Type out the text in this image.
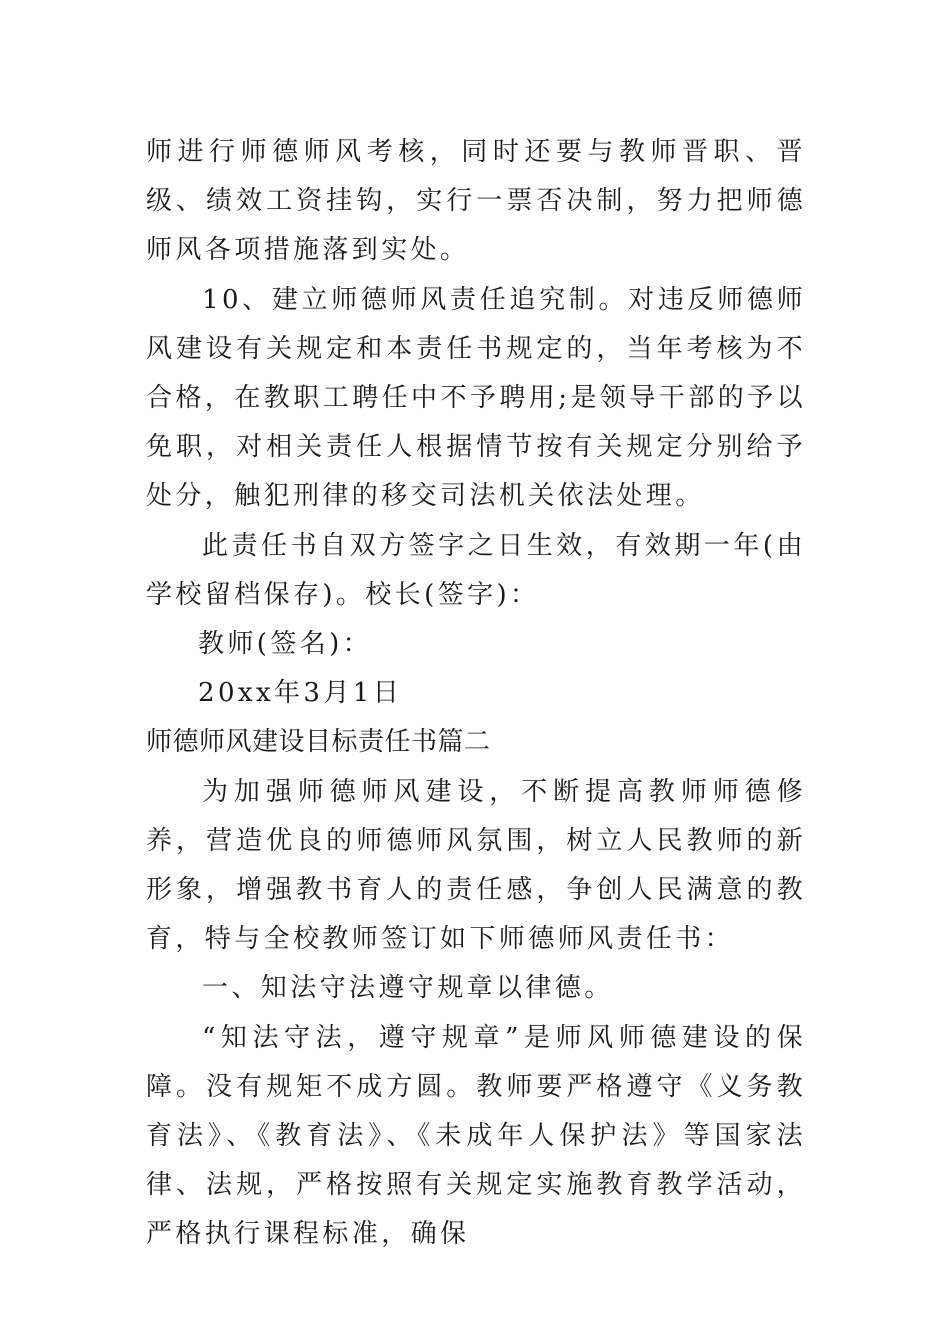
师进行师德师风考核，同时还要与教师晋职、晋级、绩效工资挂钩，实行一票否决制，努力把师德师风各项措施落到实处。

10、建立师德师风责任追究制。对违反师德师风建设有关规定和本责任书规定的，当年考核为不合格，在教职工聘任中不予聘用;是领导干部的予以免职，对相关责任人根据情节按有关规定分别给予处分，触犯刑律的移交司法机关依法处理。

此责任书自双方签字之日生效，有效期一年(由学校留档保存)。校长(签字)：

教师(签名)：

20xx年3月1日

师德师风建设目标责任书篇二

为加强师德师风建设，不断提高教师师德修养，营造优良的师德师风氛围，树立人民教师的新形象，增强教书育人的责任感，争创人民满意的教育，特与全校教师签订如下师德师风责任书：

一、知法守法遵守规章以律德。

“知法守法，遵守规章”是师风师德建设的保障。没有规矩不成方圆。教师要严格遵守《义务教育法》、《教育法》、《未成年人保护法》等国家法律、法规，严格按照有关规定实施教育教学活动，严格执行课程标准，确保
